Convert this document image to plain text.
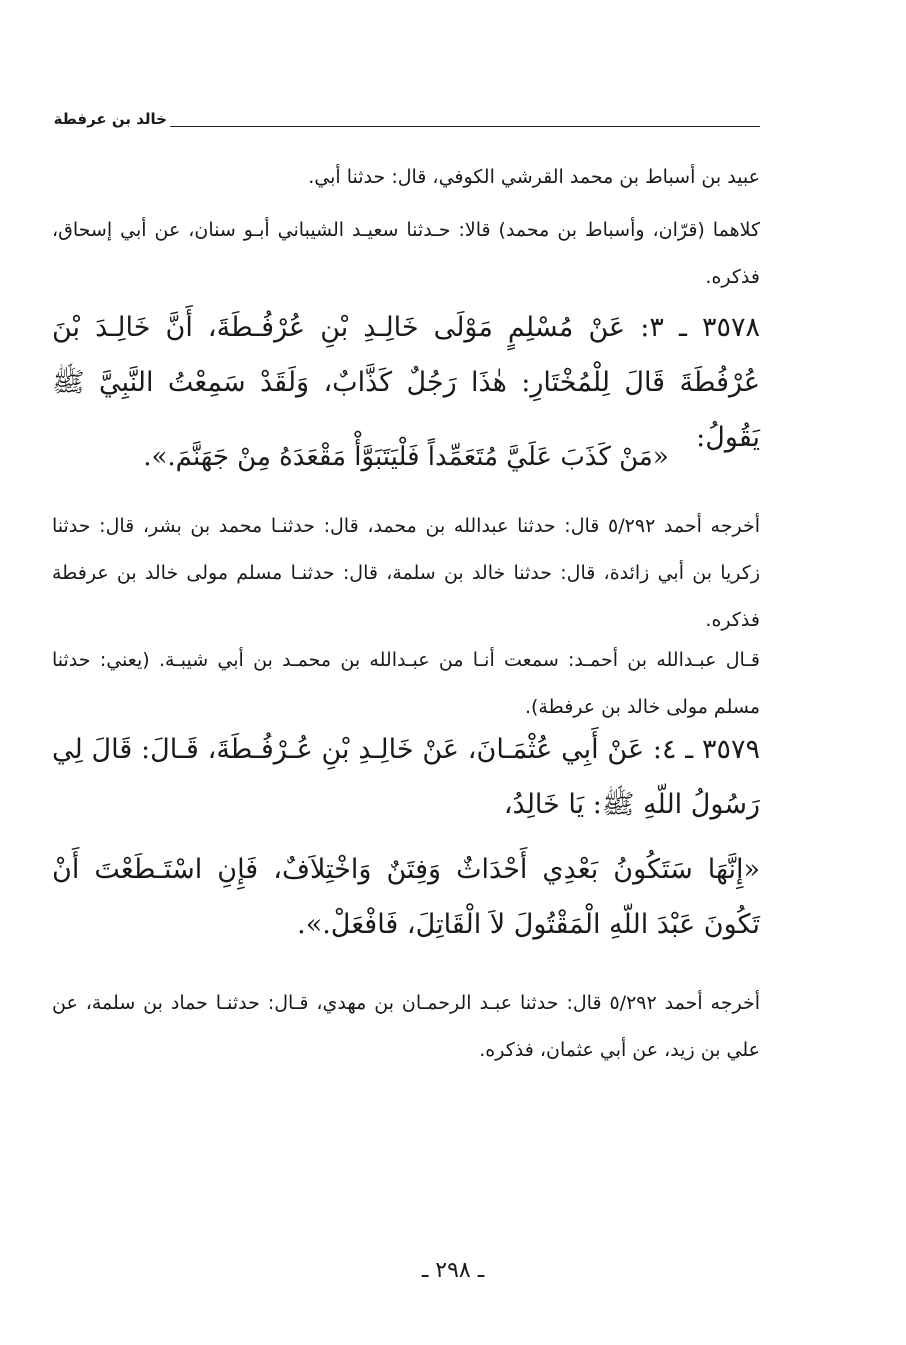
خالد بن عرفطة
عبيد بن أسباط بن محمد القرشي الكوفي، قال: حدثنا أبي.
كلاهما (قرّان، وأسباط بن محمد) قالا: حـدثنا سعيـد الشيباني أبـو سنان، عن أبي إسحاق، فذكره.
٣٥٧٨ ـ ٣: عَنْ مُسْلِمٍ مَوْلَى خَالِـدِ بْنِ عُرْفُـطَةَ، أَنَّ خَالِـدَ بْنَ عُرْفُطَةَ قَالَ لِلْمُخْتَارِ: هٰذَا رَجُلٌ كَذَّابٌ، وَلَقَدْ سَمِعْتُ النَّبِيَّ ﷺ يَقُولُ:
«مَنْ كَذَبَ عَلَيَّ مُتَعَمِّداً فَلْيَتَبَوَّأْ مَقْعَدَهُ مِنْ جَهَنَّمَ.».
أخرجه أحمد ٥/٢٩٢ قال: حدثنا عبدالله بن محمد، قال: حدثنـا محمد بن بشر، قال: حدثنا زكريا بن أبي زائدة، قال: حدثنا خالد بن سلمة، قال: حدثنـا مسلم مولى خالد بن عرفطة فذكره.
قـال عبـدالله بن أحمـد: سمعت أنـا من عبـدالله بن محمـد بن أبي شيبـة. (يعني: حدثنا مسلم مولى خالد بن عرفطة).
٣٥٧٩ ـ ٤: عَنْ أَبِي عُثْمَـانَ، عَنْ خَالِـدِ بْنِ عُـرْفُـطَةَ، قَـالَ: قَالَ لِي رَسُولُ اللّهِ ﷺ: يَا خَالِدُ،
«إِنَّهَا سَتَكُونُ بَعْدِي أَحْدَاثٌ وَفِتَنٌ وَاخْتِلاَفٌ، فَإِنِ اسْتَـطَعْتَ أَنْ تَكُونَ عَبْدَ اللّهِ الْمَقْتُولَ لاَ الْقَاتِلَ، فَافْعَلْ.».
أخرجه أحمد ٥/٢٩٢ قال: حدثنا عبـد الرحمـان بن مهدي، قـال: حدثنـا حماد بن سلمة، عن علي بن زيد، عن أبي عثمان، فذكره.
ـ ٢٩٨ ـ
